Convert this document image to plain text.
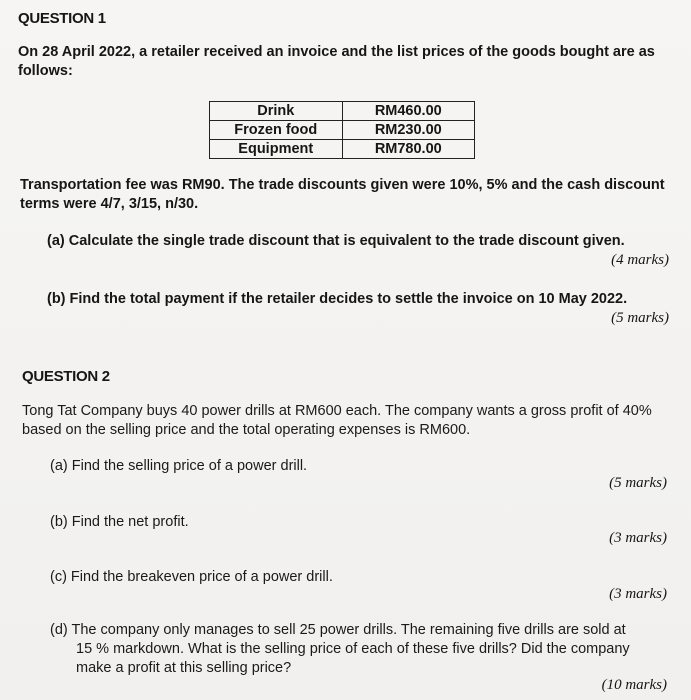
QUESTION 1
On 28 April 2022, a retailer received an invoice and the list prices of the goods bought are as
follows:
Drink	RM460.00
Frozen food	RM230.00
Equipment	RM780.00
Transportation fee was RM90. The trade discounts given were 10%, 5% and the cash discount
terms were 4/7, 3/15, n/30.
(a) Calculate the single trade discount that is equivalent to the trade discount given.
(4 marks)
(b) Find the total payment if the retailer decides to settle the invoice on 10 May 2022.
(5 marks)
QUESTION 2
Tong Tat Company buys 40 power drills at RM600 each. The company wants a gross profit of 40%
based on the selling price and the total operating expenses is RM600.
(a) Find the selling price of a power drill.
(5 marks)
(b) Find the net profit.
(3 marks)
(c) Find the breakeven price of a power drill.
(3 marks)
(d) The company only manages to sell 25 power drills. The remaining five drills are sold at
15 % markdown. What is the selling price of each of these five drills? Did the company
make a profit at this selling price?
(10 marks)
